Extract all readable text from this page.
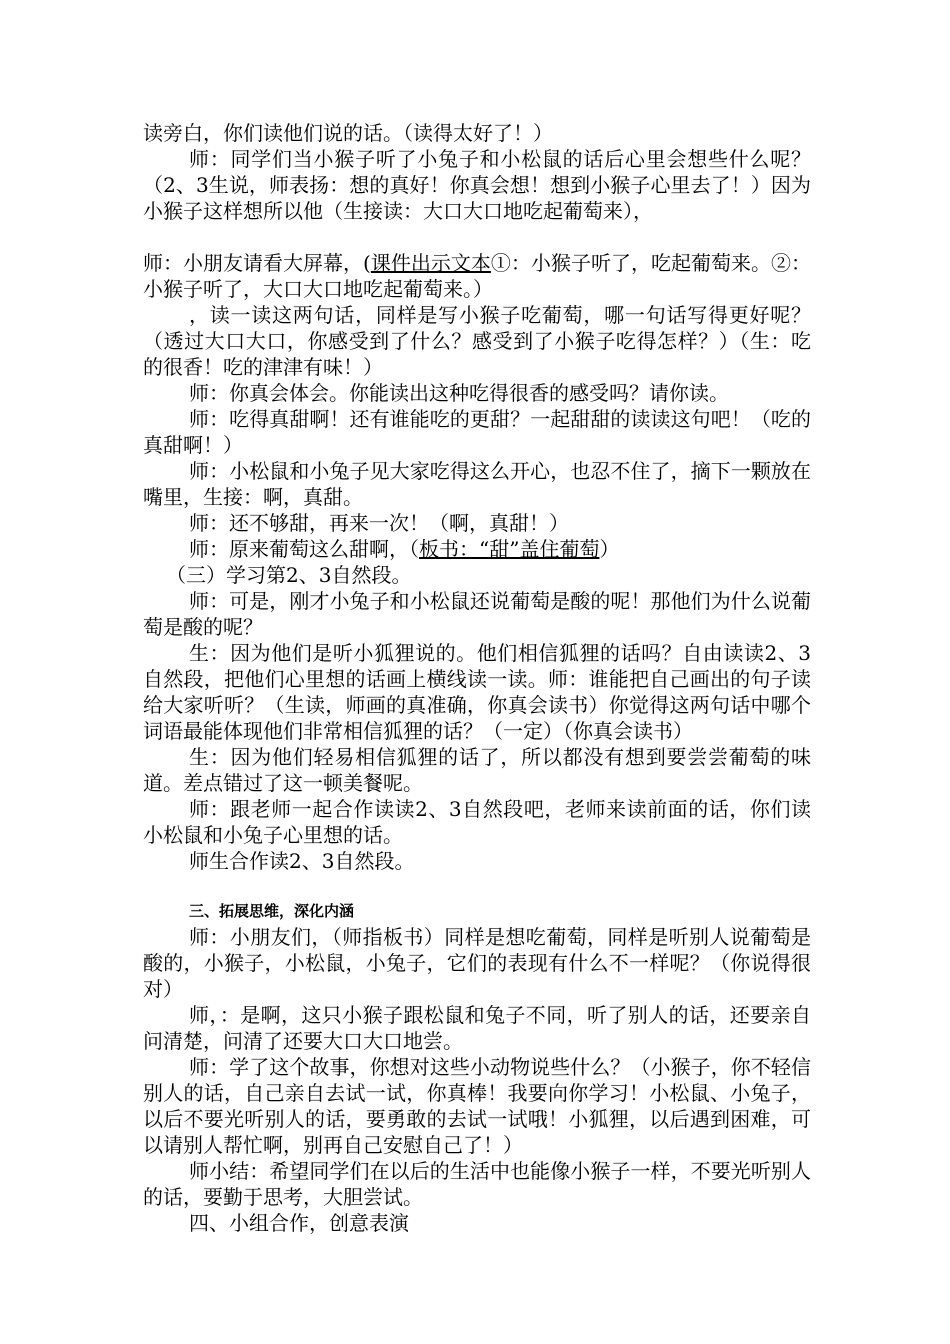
读旁白，你们读他们说的话。（读得太好了！）

师：同学们当小猴子听了小兔子和小松鼠的话后心里会想些什么呢？（2、3生说，师表扬：想的真好！你真会想！想到小猴子心里去了！）因为小猴子这样想所以他（生接读：大口大口地吃起葡萄来），

师：小朋友请看大屏幕，(课件出示文本①：小猴子听了，吃起葡萄来。②：小猴子听了，大口大口地吃起葡萄来。）

，读一读这两句话，同样是写小猴子吃葡萄，哪一句话写得更好呢？（透过大口大口，你感受到了什么？感受到了小猴子吃得怎样？）（生：吃的很香！吃的津津有味！）

师：你真会体会。你能读出这种吃得很香的感受吗？请你读。

师：吃得真甜啊！还有谁能吃的更甜？一起甜甜的读读这句吧！（吃的真甜啊！）

师：小松鼠和小兔子见大家吃得这么开心，也忍不住了，摘下一颗放在嘴里，生接：啊，真甜。

师：还不够甜，再来一次！（啊，真甜！）

师：原来葡萄这么甜啊，（板书：“甜”盖住葡萄）

（三）学习第2、3自然段。

师：可是，刚才小兔子和小松鼠还说葡萄是酸的呢！那他们为什么说葡萄是酸的呢？

生：因为他们是听小狐狸说的。他们相信狐狸的话吗？自由读读2、3 自然段，把他们心里想的话画上横线读一读。师：谁能把自己画出的句子读给大家听听？（生读，师画的真准确，你真会读书）你觉得这两句话中哪个词语最能体现他们非常相信狐狸的话？（一定）（你真会读书）

生：因为他们轻易相信狐狸的话了，所以都没有想到要尝尝葡萄的味道。差点错过了这一顿美餐呢。

师：跟老师一起合作读读2、3自然段吧，老师来读前面的话，你们读小松鼠和小兔子心里想的话。

师生合作读2、3自然段。

三、拓展思维，深化内涵

师：小朋友们，（师指板书）同样是想吃葡萄，同样是听别人说葡萄是酸的，小猴子，小松鼠，小兔子，它们的表现有什么不一样呢？（你说得很对）

师，：是啊，这只小猴子跟松鼠和兔子不同，听了别人的话，还要亲自问清楚，问清了还要大口大口地尝。

师：学了这个故事，你想对这些小动物说些什么？（小猴子，你不轻信别人的话，自己亲自去试一试，你真棒！我要向你学习！小松鼠、小兔子，以后不要光听别人的话，要勇敢的去试一试哦！小狐狸，以后遇到困难，可以请别人帮忙啊，别再自己安慰自己了！）

师小结：希望同学们在以后的生活中也能像小猴子一样，不要光听别人的话，要勤于思考，大胆尝试。

四、小组合作，创意表演
